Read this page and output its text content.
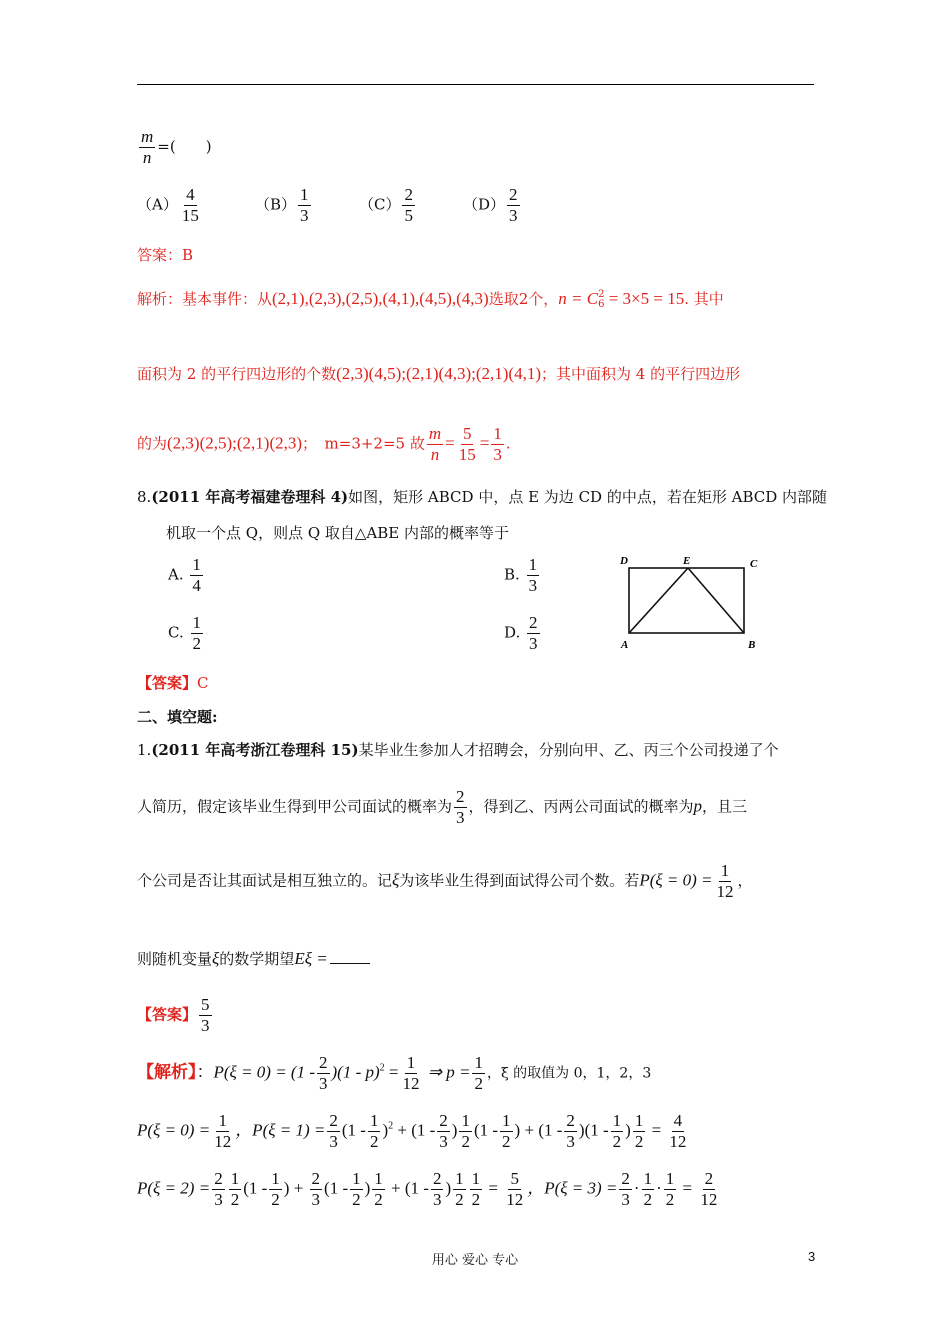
$\frac{m}{n}$ =(　　)
$(A) \frac{4}{15}$	$(B) \frac{1}{3}$	$(C) \frac{2}{5}$	$(D) \frac{2}{3}$
答案：B
解析：基本事件：从(2,1),(2,3),(2,5),(4,1),(4,5),(4,3)选取2个，n = C 2
6 = 3×5 = 15. 其中
面积为 2 的平行四边形的个数(2,3)(4,5);(2,1)(4,3);(2,1)(4,1)；其中面积为 4 的平行四边形
的为(2,3)(2,5);(2,1)(2,3)；　m=3+2=5 故 $\frac{m}{n} = \frac{5}{15} = \frac{1}{3}$ .
8.(2011 年高考福建卷理科 4)如图，矩形 ABCD 中，点 E 为边 CD 的中点，若在矩形 ABCD 内部随
机取一个点 Q，则点 Q 取自△ABE 内部的概率等于
A. $\frac{1}{4}$	B. $\frac{1}{3}$
C. $\frac{1}{2}$	D. $\frac{2}{3}$
D	E	C
A	B
【答案】C
二、填空题:
1.(2011 年高考浙江卷理科 15)某毕业生参加人才招聘会，分别向甲、乙、丙三个公司投递了个
人简历，假定该毕业生得到甲公司面试的概率为 $\frac{2}{3}$ ，得到乙、丙两公司面试的概率为p，且三
个公司是否让其面试是相互独立的。记ξ为该毕业生得到面试得公司个数。若$P(\xi = 0) = \frac{1}{12}$ ，
则随机变量ξ的数学期望Eξ =
【答案】 $\frac{5}{3}$
【解析】：$P(\xi = 0) = (1 - \frac{2}{3} )(1 - p)^2 = \frac{1}{12}$ ⇒ $p = \frac{1}{2}$ ，ξ 的取值为 0，1，2，3
$P(\xi = 0) = \frac{1}{12}$ ，$P(\xi = 1) = \frac{2}{3} (1 - \frac{1}{2} )^2 + (1 - \frac{2}{3}$ ) $\frac{1}{2} (1 - \frac{1}{2}$ ) + $(1 - \frac{2}{3} )(1 - \frac{1}{2}$ ) $\frac{1}{2} = \frac{4}{12}$
$P(\xi = 2) = \frac{2}{3} \frac{1}{2} (1 - \frac{1}{2}$ ) + $\frac{2}{3} (1 - \frac{1}{2}$ ) $\frac{1}{2} + (1 - \frac{2}{3}$ ) $\frac{1}{2} \frac{1}{2} = \frac{5}{12}$ ，$P(\xi = 3) = \frac{2}{3} \cdot \frac{1}{2} \cdot \frac{1}{2} = \frac{2}{12}$
用心 爱心 专心	3
